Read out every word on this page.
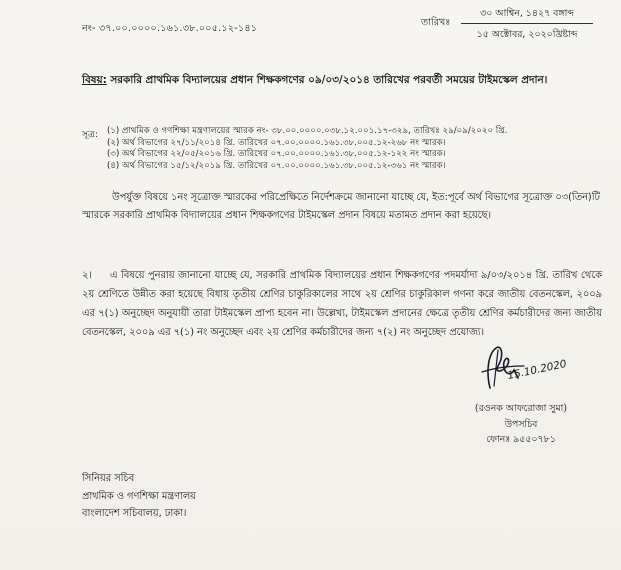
নং- ৩৭.০০.০০০০.১৬১.৩৮.০০৫.১২-১৪১
তারিখঃ
৩০ আশ্বিন, ১৪২৭ বঙ্গাব্দ
১৫ অক্টোবর, ২০২০খ্রিষ্টাব্দ
বিষয়: সরকারি প্রাথমিক বিদ্যালয়ের প্রধান শিক্ষকগণের ০৯/০৩/২০১৪ তারিখের পরবর্তী সময়ের টাইমস্কেল প্রদান।
সূত্র: (১) প্রাথমিক ও গণশিক্ষা মন্ত্রণালয়ের স্মারক নং- ৩৮.০০.০০০০.০৩৮.১২.০০১.১৭-৩২৯, তারিখঃ ২৯/০৯/২০২০ খ্রি.
(২) অর্থ বিভাগের ২৭/১১/২০১৪ খ্রি. তারিখের ০৭.০০.০০০০.১৬১.৩৮.০০৫.১২-২৬৮ নং স্মারক।
(৩) অর্থ বিভাগের ২২/০৫/২০১৬ খ্রি. তারিখের ০৭.০০.০০০০.১৬১.৩৮.০০৫.১২-১২২ নং স্মারক।
(৪) অর্থ বিভাগের ১৫/১২/২০১৯ খ্রি. তারিখের ০৭.০০.০০০০.১৬১.৩৮.০০৫.১২-৩৬১ নং স্মারক।
উপর্যুক্ত বিষয়ে ১নং সূত্রোক্ত স্মারকের পরিপ্রেক্ষিতে নির্দেশক্রমে জানানো যাচ্ছে যে, ইত:পূর্বে অর্থ বিভাগের সূত্রোক্ত ০৩(তিন)টি স্মারকে সরকারি প্রাথমিক বিদ্যালয়ের প্রধান শিক্ষকগণের টাইমস্কেল প্রদান বিষয়ে মতামত প্রদান করা হয়েছে।
২। এ বিষয়ে পুনরায় জানানো যাচ্ছে যে, সরকারি প্রাথমিক বিদ্যালয়ের প্রধান শিক্ষকগণের পদমর্যাদা ৯/০৩/২০১৪ খ্রি. তারিখ থেকে ২য় শ্রেণিতে উন্নীত করা হয়েছে বিধায় তৃতীয় শ্রেণির চাকুরিকালের সাথে ২য় শ্রেণির চাকুরিকাল গণনা করে জাতীয় বেতনস্কেল, ২০০৯ এর ৭(১) অনুচ্ছেদ অনুযায়ী তারা টাইমস্কেল প্রাপ্য হবেন না। উল্লেখ্য, টাইমস্কেল প্রদানের ক্ষেত্রে তৃতীয় শ্রেণির কর্মচারীদের জন্য জাতীয় বেতনস্কেল, ২০০৯ এর ৭(১) নং অনুচ্ছেদ এবং ২য় শ্রেণির কর্মচারীদের জন্য ৭(২) নং অনুচ্ছেদ প্রযোজ্য।
15.10.2020
(রওনক আফরোজা সুমা)
উপসচিব
ফোনঃ ৯৫৫০৭৮১
সিনিয়র সচিব
প্রাথমিক ও গণশিক্ষা মন্ত্রণালয়
বাংলাদেশ সচিবালয়, ঢাকা।
